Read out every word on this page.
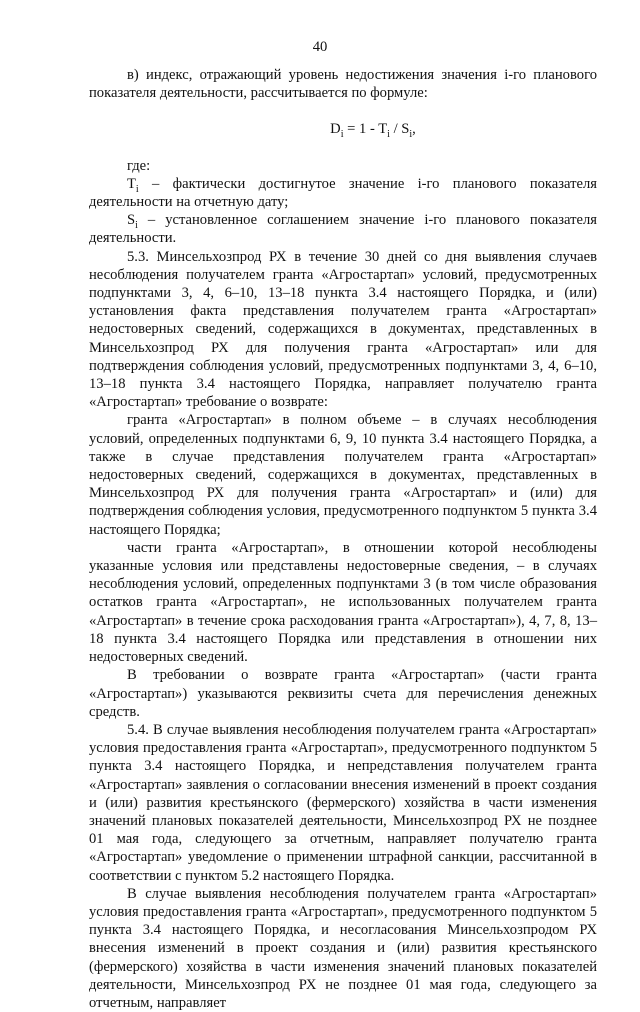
40

в) индекс, отражающий уровень недостижения значения i-го планового показателя деятельности, рассчитывается по формуле:

$D_i = 1 - T_i / S_i$,

где:

$T_i$ – фактически достигнутое значение i-го планового показателя деятельности на отчетную дату;

$S_i$ – установленное соглашением значение i-го планового показателя деятельности.

5.3. Минсельхозпрод РХ в течение 30 дней со дня выявления случаев несоблюдения получателем гранта «Агростартап» условий, предусмотренных подпунктами 3, 4, 6–10, 13–18 пункта 3.4 настоящего Порядка, и (или) установления факта представления получателем гранта «Агростартап» недостоверных сведений, содержащихся в документах, представленных в Минсельхозпрод РХ для получения гранта «Агростартап» или для подтверждения соблюдения условий, предусмотренных подпунктами 3, 4, 6–10, 13–18 пункта 3.4 настоящего Порядка, направляет получателю гранта «Агростартап» требование о возврате:

гранта «Агростартап» в полном объеме – в случаях несоблюдения условий, определенных подпунктами 6, 9, 10 пункта 3.4 настоящего Порядка, а также в случае представления получателем гранта «Агростартап» недостоверных сведений, содержащихся в документах, представленных в Минсельхозпрод РХ для получения гранта «Агростартап» и (или) для подтверждения соблюдения условия, предусмотренного подпунктом 5 пункта 3.4 настоящего Порядка;

части гранта «Агростартап», в отношении которой несоблюдены указанные условия или представлены недостоверные сведения, – в случаях несоблюдения условий, определенных подпунктами 3 (в том числе образования остатков гранта «Агростартап», не использованных получателем гранта «Агростартап» в течение срока расходования гранта «Агростартап»), 4, 7, 8, 13–18 пункта 3.4 настоящего Порядка или представления в отношении них недостоверных сведений.

В требовании о возврате гранта «Агростартап» (части гранта «Агростартап») указываются реквизиты счета для перечисления денежных средств.

5.4. В случае выявления несоблюдения получателем гранта «Агростартап» условия предоставления гранта «Агростартап», предусмотренного подпунктом 5 пункта 3.4 настоящего Порядка, и непредставления получателем гранта «Агростартап» заявления о согласовании внесения изменений в проект создания и (или) развития крестьянского (фермерского) хозяйства в части изменения значений плановых показателей деятельности, Минсельхозпрод РХ не позднее 01 мая года, следующего за отчетным, направляет получателю гранта «Агростартап» уведомление о применении штрафной санкции, рассчитанной в соответствии с пунктом 5.2 настоящего Порядка.

В случае выявления несоблюдения получателем гранта «Агростартап» условия предоставления гранта «Агростартап», предусмотренного подпунктом 5 пункта 3.4 настоящего Порядка, и несогласования Минсельхозпродом РХ внесения изменений в проект создания и (или) развития крестьянского (фермерского) хозяйства в части изменения значений плановых показателей деятельности, Минсельхозпрод РХ не позднее 01 мая года, следующего за отчетным, направляет
